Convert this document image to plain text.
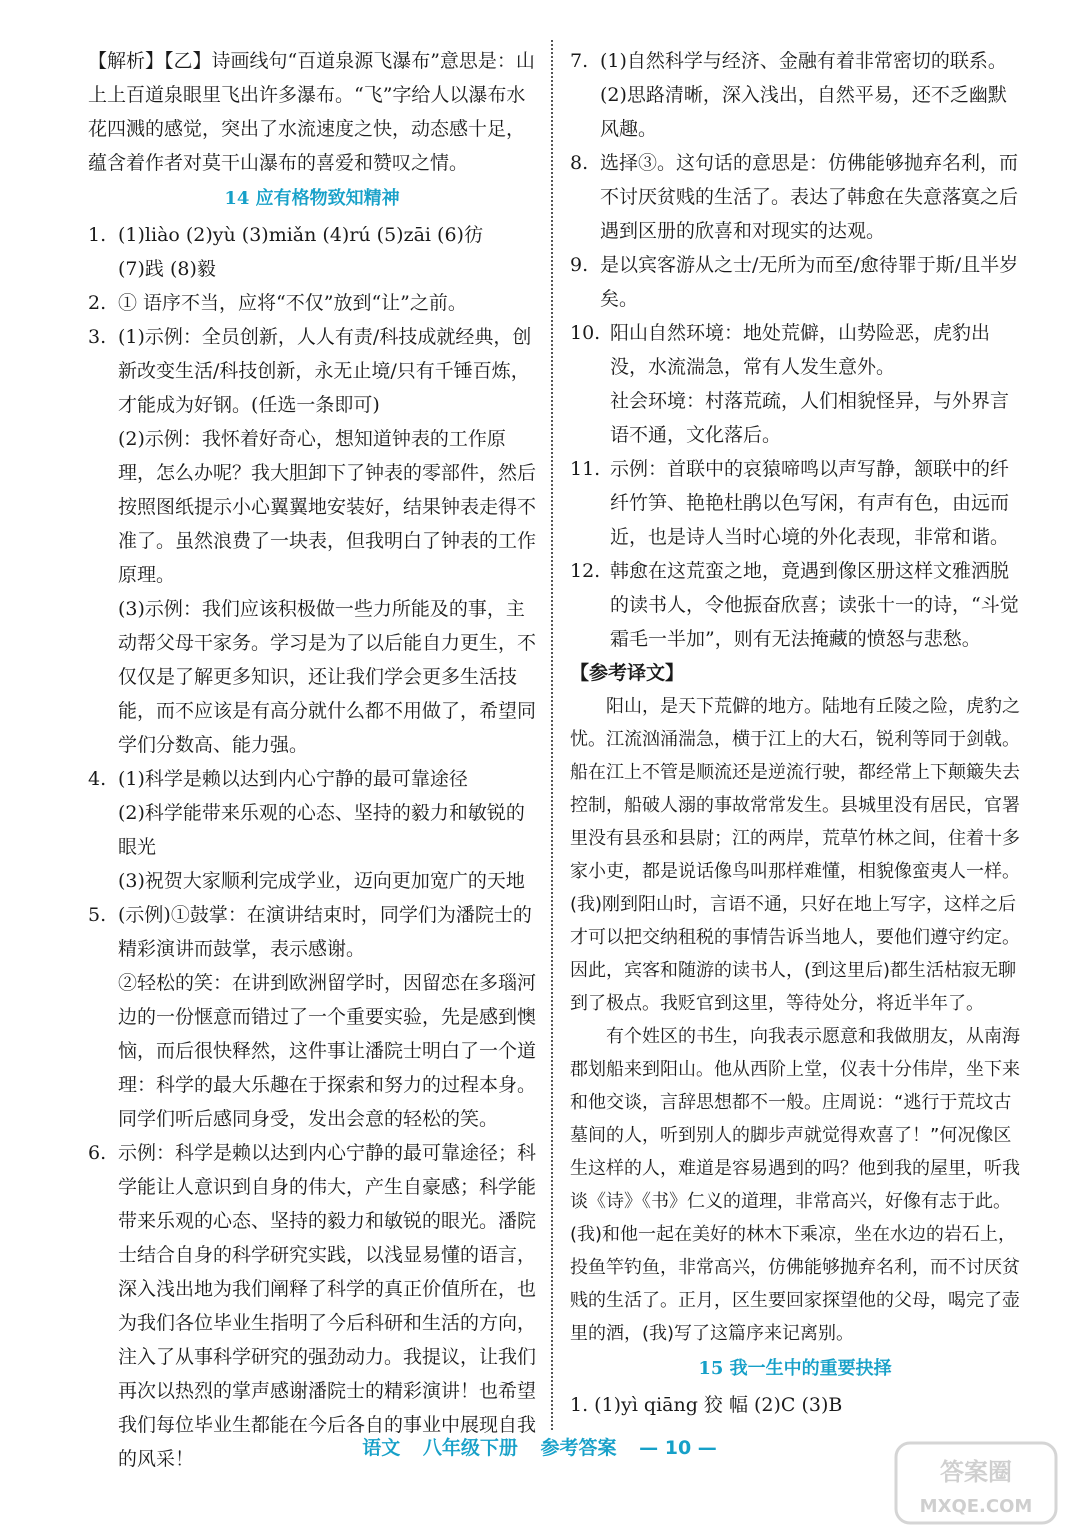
【解析】【乙】诗画线句“百道泉源飞瀑布”意思是：山上上百道泉眼里飞出许多瀑布。“飞”字给人以瀑布水花四溅的感觉，突出了水流速度之快，动态感十足，蕴含着作者对莫干山瀑布的喜爱和赞叹之情。

14 应有格物致知精神
1. (1)liào (2)yù (3)miǎn (4)rú (5)zāi (6)彷
(7)践 (8)毅
2. ① 语序不当，应将“不仅”放到“让”之前。
3. (1)示例：全员创新，人人有责/科技成就经典，创新改变生活/科技创新，永无止境/只有千锤百炼，才能成为好钢。(任选一条即可)
(2)示例：我怀着好奇心，想知道钟表的工作原理，怎么办呢？我大胆卸下了钟表的零部件，然后按照图纸提示小心翼翼地安装好，结果钟表走得不准了。虽然浪费了一块表，但我明白了钟表的工作原理。
(3)示例：我们应该积极做一些力所能及的事，主动帮父母干家务。学习是为了以后能自力更生，不仅仅是了解更多知识，还让我们学会更多生活技能，而不应该是有高分就什么都不用做了，希望同学们分数高、能力强。
4. (1)科学是赖以达到内心宁静的最可靠途径
(2)科学能带来乐观的心态、坚持的毅力和敏锐的眼光
(3)祝贺大家顺利完成学业，迈向更加宽广的天地
5. (示例)①鼓掌：在演讲结束时，同学们为潘院士的精彩演讲而鼓掌，表示感谢。
②轻松的笑：在讲到欧洲留学时，因留恋在多瑙河边的一份惬意而错过了一个重要实验，先是感到懊恼，而后很快释然，这件事让潘院士明白了一个道理：科学的最大乐趣在于探索和努力的过程本身。同学们听后感同身受，发出会意的轻松的笑。
6. 示例：科学是赖以达到内心宁静的最可靠途径；科学能让人意识到自身的伟大，产生自豪感；科学能带来乐观的心态、坚持的毅力和敏锐的眼光。潘院士结合自身的科学研究实践，以浅显易懂的语言，深入浅出地为我们阐释了科学的真正价值所在，也为我们各位毕业生指明了今后科研和生活的方向，注入了从事科学研究的强劲动力。我提议，让我们再次以热烈的掌声感谢潘院士的精彩演讲！也希望我们每位毕业生都能在今后各自的事业中展现自我的风采！
7. (1)自然科学与经济、金融有着非常密切的联系。
(2)思路清晰，深入浅出，自然平易，还不乏幽默风趣。
8. 选择③。这句话的意思是：仿佛能够抛弃名利，而不讨厌贫贱的生活了。表达了韩愈在失意落寞之后遇到区册的欣喜和对现实的达观。
9. 是以宾客游从之士/无所为而至/愈待罪于斯/且半岁矣。
10. 阳山自然环境：地处荒僻，山势险恶，虎豹出没，水流湍急，常有人发生意外。
社会环境：村落荒疏，人们相貌怪异，与外界言语不通，文化落后。
11. 示例：首联中的哀猿啼鸣以声写静，颔联中的纤纤竹笋、艳艳杜鹃以色写闲，有声有色，由远而近，也是诗人当时心境的外化表现，非常和谐。
12. 韩愈在这荒蛮之地，竟遇到像区册这样文雅洒脱的读书人，令他振奋欣喜；读张十一的诗，“斗觉霜毛一半加”，则有无法掩藏的愤怒与悲愁。
【参考译文】

阳山，是天下荒僻的地方。陆地有丘陵之险，虎豹之忧。江流汹涌湍急，横于江上的大石，锐利等同于剑戟。船在江上不管是顺流还是逆流行驶，都经常上下颠簸失去控制，船破人溺的事故常常发生。县城里没有居民，官署里没有县丞和县尉；江的两岸，荒草竹林之间，住着十多家小吏，都是说话像鸟叫那样难懂，相貌像蛮夷人一样。(我)刚到阳山时，言语不通，只好在地上写字，这样之后才可以把交纳租税的事情告诉当地人，要他们遵守约定。因此，宾客和随游的读书人，(到这里后)都生活枯寂无聊到了极点。我贬官到这里，等待处分，将近半年了。

有个姓区的书生，向我表示愿意和我做朋友，从南海郡划船来到阳山。他从西阶上堂，仪表十分伟岸，坐下来和他交谈，言辞思想都不一般。庄周说：“逃行于荒坟古墓间的人，听到别人的脚步声就觉得欢喜了！”何况像区生这样的人，难道是容易遇到的吗？他到我的屋里，听我谈《诗》《书》仁义的道理，非常高兴，好像有志于此。(我)和他一起在美好的林木下乘凉，坐在水边的岩石上，投鱼竿钓鱼，非常高兴，仿佛能够抛弃名利，而不讨厌贫贱的生活了。正月，区生要回家探望他的父母，喝完了壶里的酒，(我)写了这篇序来记离别。

15 我一生中的重要抉择
1. (1)yì qiāng 狡 幅 (2)C (3)B
语文 八年级下册 参考答案 — 10 —
答案圈
MXQE.COM
